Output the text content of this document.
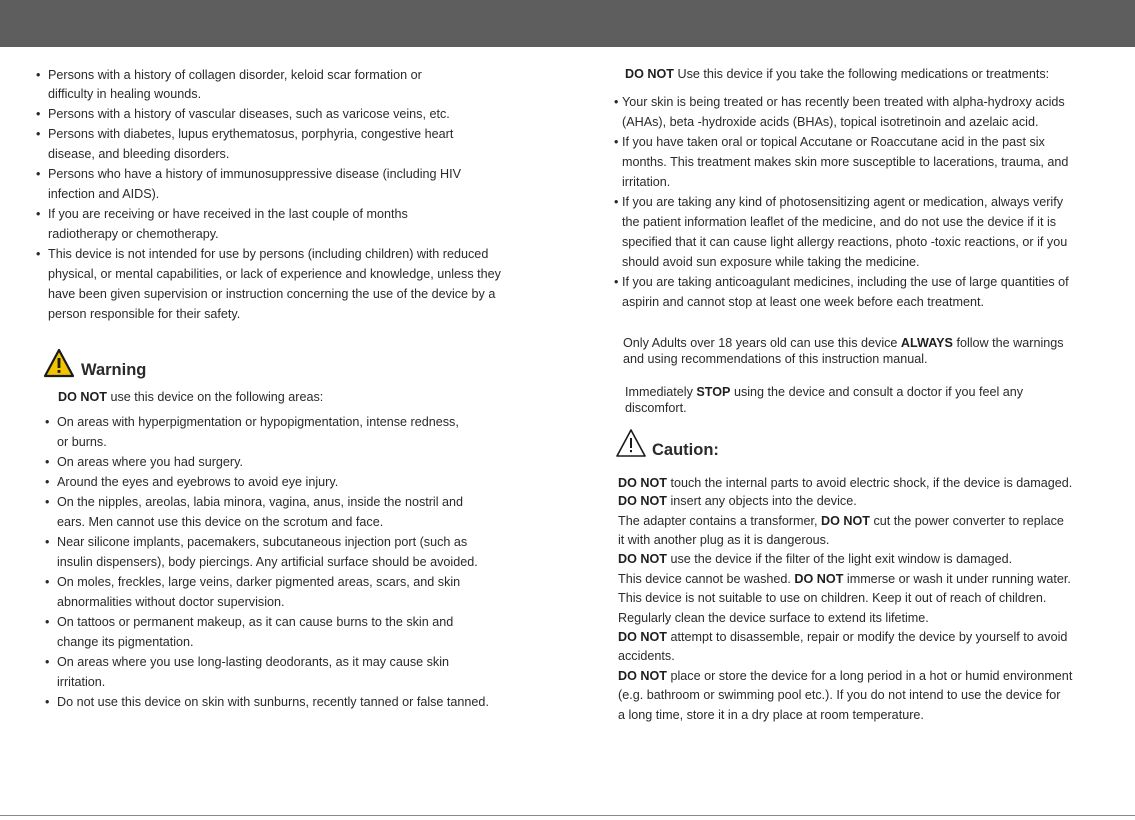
• Persons with a history of collagen disorder, keloid scar formation or
difficulty in healing wounds.
• Persons with a history of vascular diseases, such as varicose veins, etc.
• Persons with diabetes, lupus erythematosus, porphyria, congestive heart
disease, and bleeding disorders.
• Persons who have a history of immunosuppressive disease (including HIV
infection and AIDS).
• If you are receiving or have received in the last couple of months
radiotherapy or chemotherapy.
• This device is not intended for use by persons (including children) with reduced
physical, or mental capabilities, or lack of experience and knowledge, unless they
have been given supervision or instruction concerning the use of the device by a
person responsible for their safety.
Warning
DO NOT use this device on the following areas:
• On areas with hyperpigmentation or hypopigmentation, intense redness,
or burns.
• On areas where you had surgery.
• Around the eyes and eyebrows to avoid eye injury.
• On the nipples, areolas, labia minora, vagina, anus, inside the nostril and
ears. Men cannot use this device on the scrotum and face.
• Near silicone implants, pacemakers, subcutaneous injection port (such as
insulin dispensers), body piercings. Any artificial surface should be avoided.
• On moles, freckles, large veins, darker pigmented areas, scars, and skin
abnormalities without doctor supervision.
• On tattoos or permanent makeup, as it can cause burns to the skin and
change its pigmentation.
• On areas where you use long-lasting deodorants, as it may cause skin
irritation.
• Do not use this device on skin with sunburns, recently tanned or false tanned.
DO NOT Use this device if you take the following medications or treatments:
• Your skin is being treated or has recently been treated with alpha-hydroxy acids
(AHAs), beta -hydroxide acids (BHAs), topical isotretinoin and azelaic acid.
• If you have taken oral or topical Accutane or Roaccutane acid in the past six
months. This treatment makes skin more susceptible to lacerations, trauma, and
irritation.
• If you are taking any kind of photosensitizing agent or medication, always verify
the patient information leaflet of the medicine, and do not use the device if it is
specified that it can cause light allergy reactions, photo -toxic reactions, or if you
should avoid sun exposure while taking the medicine.
• If you are taking anticoagulant medicines, including the use of large quantities of
aspirin and cannot stop at least one week before each treatment.
Only Adults over 18 years old can use this device ALWAYS follow the warnings
and using recommendations of this instruction manual.
Immediately STOP using the device and consult a doctor if you feel any
discomfort.
Caution:
DO NOT touch the internal parts to avoid electric shock, if the device is damaged.
DO NOT insert any objects into the device.
The adapter contains a transformer, DO NOT cut the power converter to replace
it with another plug as it is dangerous.
DO NOT use the device if the filter of the light exit window is damaged.
This device cannot be washed. DO NOT immerse or wash it under running water.
This device is not suitable to use on children. Keep it out of reach of children.
Regularly clean the device surface to extend its lifetime.
DO NOT attempt to disassemble, repair or modify the device by yourself to avoid
accidents.
DO NOT place or store the device for a long period in a hot or humid environment
(e.g. bathroom or swimming pool etc.). If you do not intend to use the device for
a long time, store it in a dry place at room temperature.
